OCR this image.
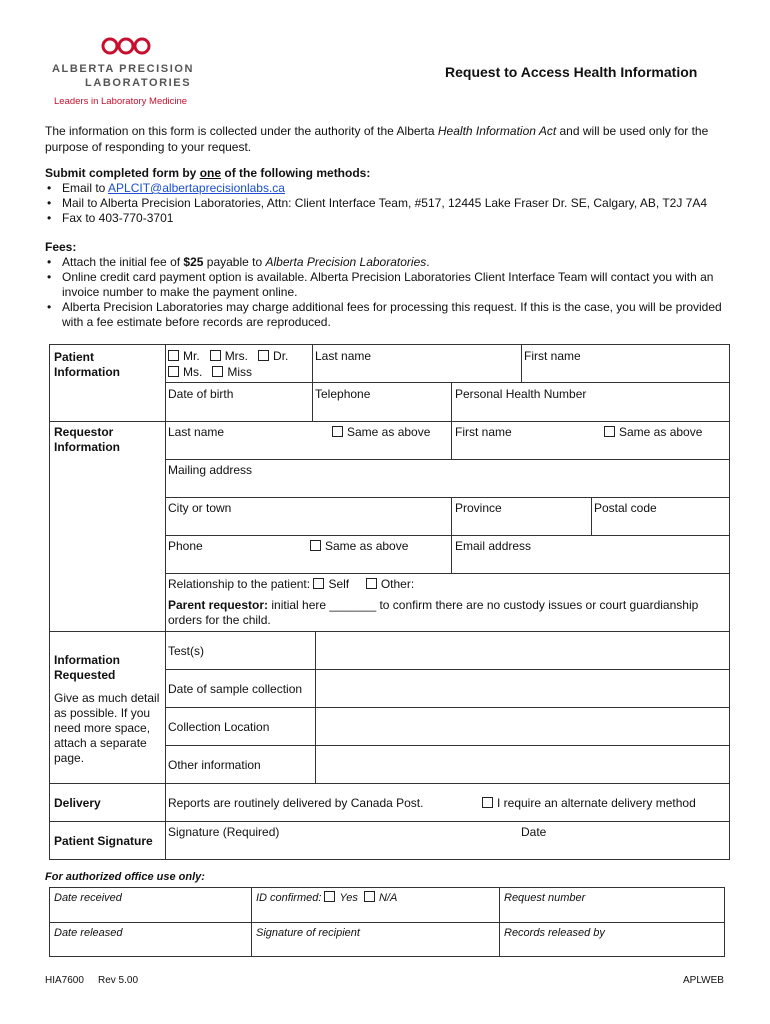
ALBERTA PRECISION
LABORATORIES
Leaders in Laboratory Medicine
Request to Access Health Information
The information on this form is collected under the authority of the Alberta Health Information Act and will be used only for the purpose of responding to your request.
Submit completed form by one of the following methods:
• Email to APLCIT@albertaprecisionlabs.ca
• Mail to Alberta Precision Laboratories, Attn: Client Interface Team, #517, 12445 Lake Fraser Dr. SE, Calgary, AB, T2J 7A4
• Fax to 403-770-3701
Fees:
• Attach the initial fee of $25 payable to Alberta Precision Laboratories.
• Online credit card payment option is available. Alberta Precision Laboratories Client Interface Team will contact you with an invoice number to make the payment online.
• Alberta Precision Laboratories may charge additional fees for processing this request. If this is the case, you will be provided with a fee estimate before records are reproduced.
Patient Information
Mr. Mrs. Dr.
Ms. Miss
Last name	First name
Date of birth	Telephone	Personal Health Number
Requestor Information
Last name	Same as above First name	Same as above
Mailing address
City or town	Province	Postal code
Phone	Same as above	Email address
Relationship to the patient: Self	Other:
Parent requestor: initial here _______ to confirm there are no custody issues or court guardianship orders for the child.
Information Requested
Give as much detail as possible. If you need more space, attach a separate page.
Test(s)
Date of sample collection
Collection Location
Other information
Delivery	Reports are routinely delivered by Canada Post.	I require an alternate delivery method
Patient Signature
Signature (Required)	Date
For authorized office use only:
Date received	ID confirmed: Yes N/A	Request number
Date released	Signature of recipient	Records released by
HIA7600 Rev 5.00	APLWEB
